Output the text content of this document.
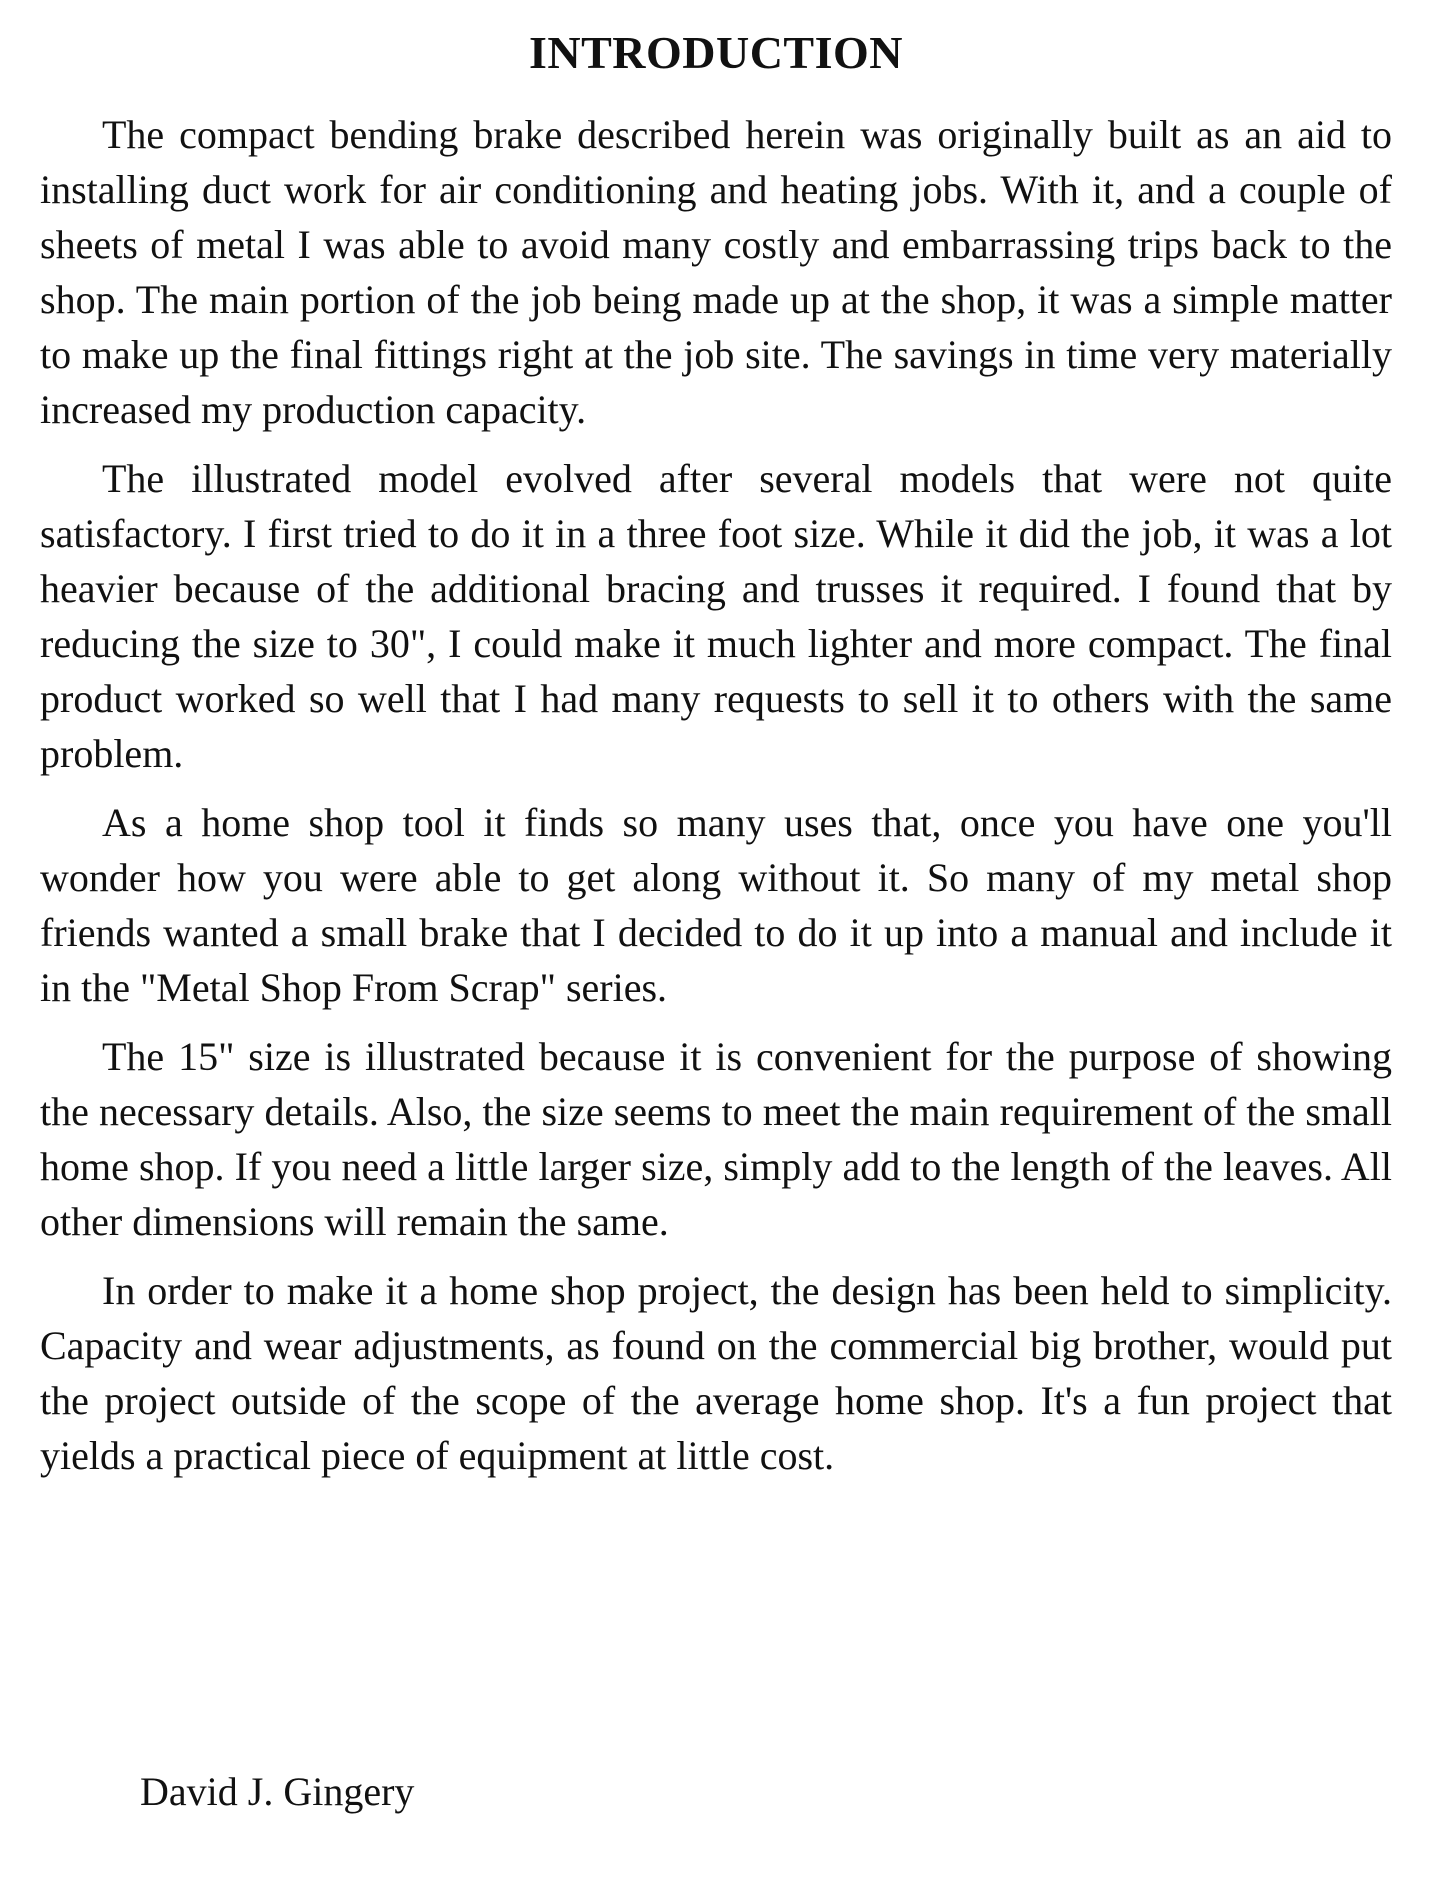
INTRODUCTION

The compact bending brake described herein was originally built as an aid to installing duct work for air conditioning and heating jobs. With it, and a couple of sheets of metal I was able to avoid many costly and embarrassing trips back to the shop. The main portion of the job being made up at the shop, it was a simple matter to make up the final fittings right at the job site. The savings in time very materially increased my production capacity.

The illustrated model evolved after several models that were not quite satisfactory. I first tried to do it in a three foot size. While it did the job, it was a lot heavier because of the additional bracing and trusses it required. I found that by reducing the size to 30", I could make it much lighter and more compact. The final product worked so well that I had many requests to sell it to others with the same problem.

As a home shop tool it finds so many uses that, once you have one you'll wonder how you were able to get along without it. So many of my metal shop friends wanted a small brake that I decided to do it up into a manual and include it in the "Metal Shop From Scrap" series.

The 15" size is illustrated because it is convenient for the purpose of showing the necessary details. Also, the size seems to meet the main requirement of the small home shop. If you need a little larger size, simply add to the length of the leaves. All other dimensions will remain the same.

In order to make it a home shop project, the design has been held to simplicity. Capacity and wear adjustments, as found on the commercial big brother, would put the project outside of the scope of the average home shop. It's a fun project that yields a practical piece of equipment at little cost.

David J. Gingery
